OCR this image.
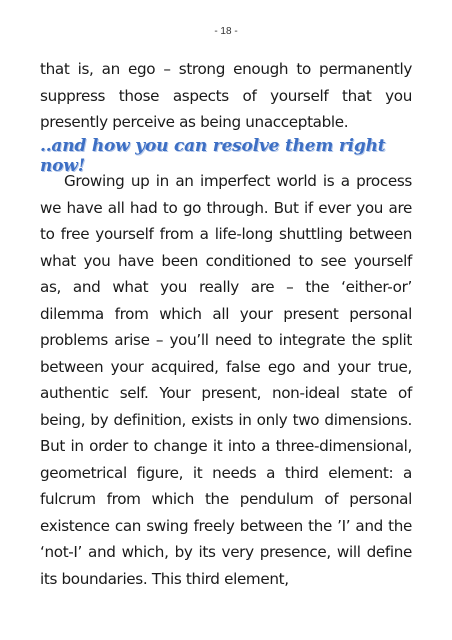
- 18 -

that is, an ego – strong enough to permanently suppress those aspects of yourself that you presently perceive as being unacceptable.

..and how you can resolve them right now!

Growing up in an imperfect world is a process we have all had to go through. But if ever you are to free yourself from a life-long shuttling between what you have been conditioned to see yourself as, and what you really are – the ‘either-or’ dilemma from which all your present personal problems arise – you’ll need to integrate the split between your acquired, false ego and your true, authentic self. Your present, non-ideal state of being, by definition, exists in only two dimensions. But in order to change it into a three-dimensional, geometrical figure, it needs a third element: a fulcrum from which the pendulum of personal existence can swing freely between the ’I’ and the ‘not-I’ and which, by its very presence, will define its boundaries. This third element,
